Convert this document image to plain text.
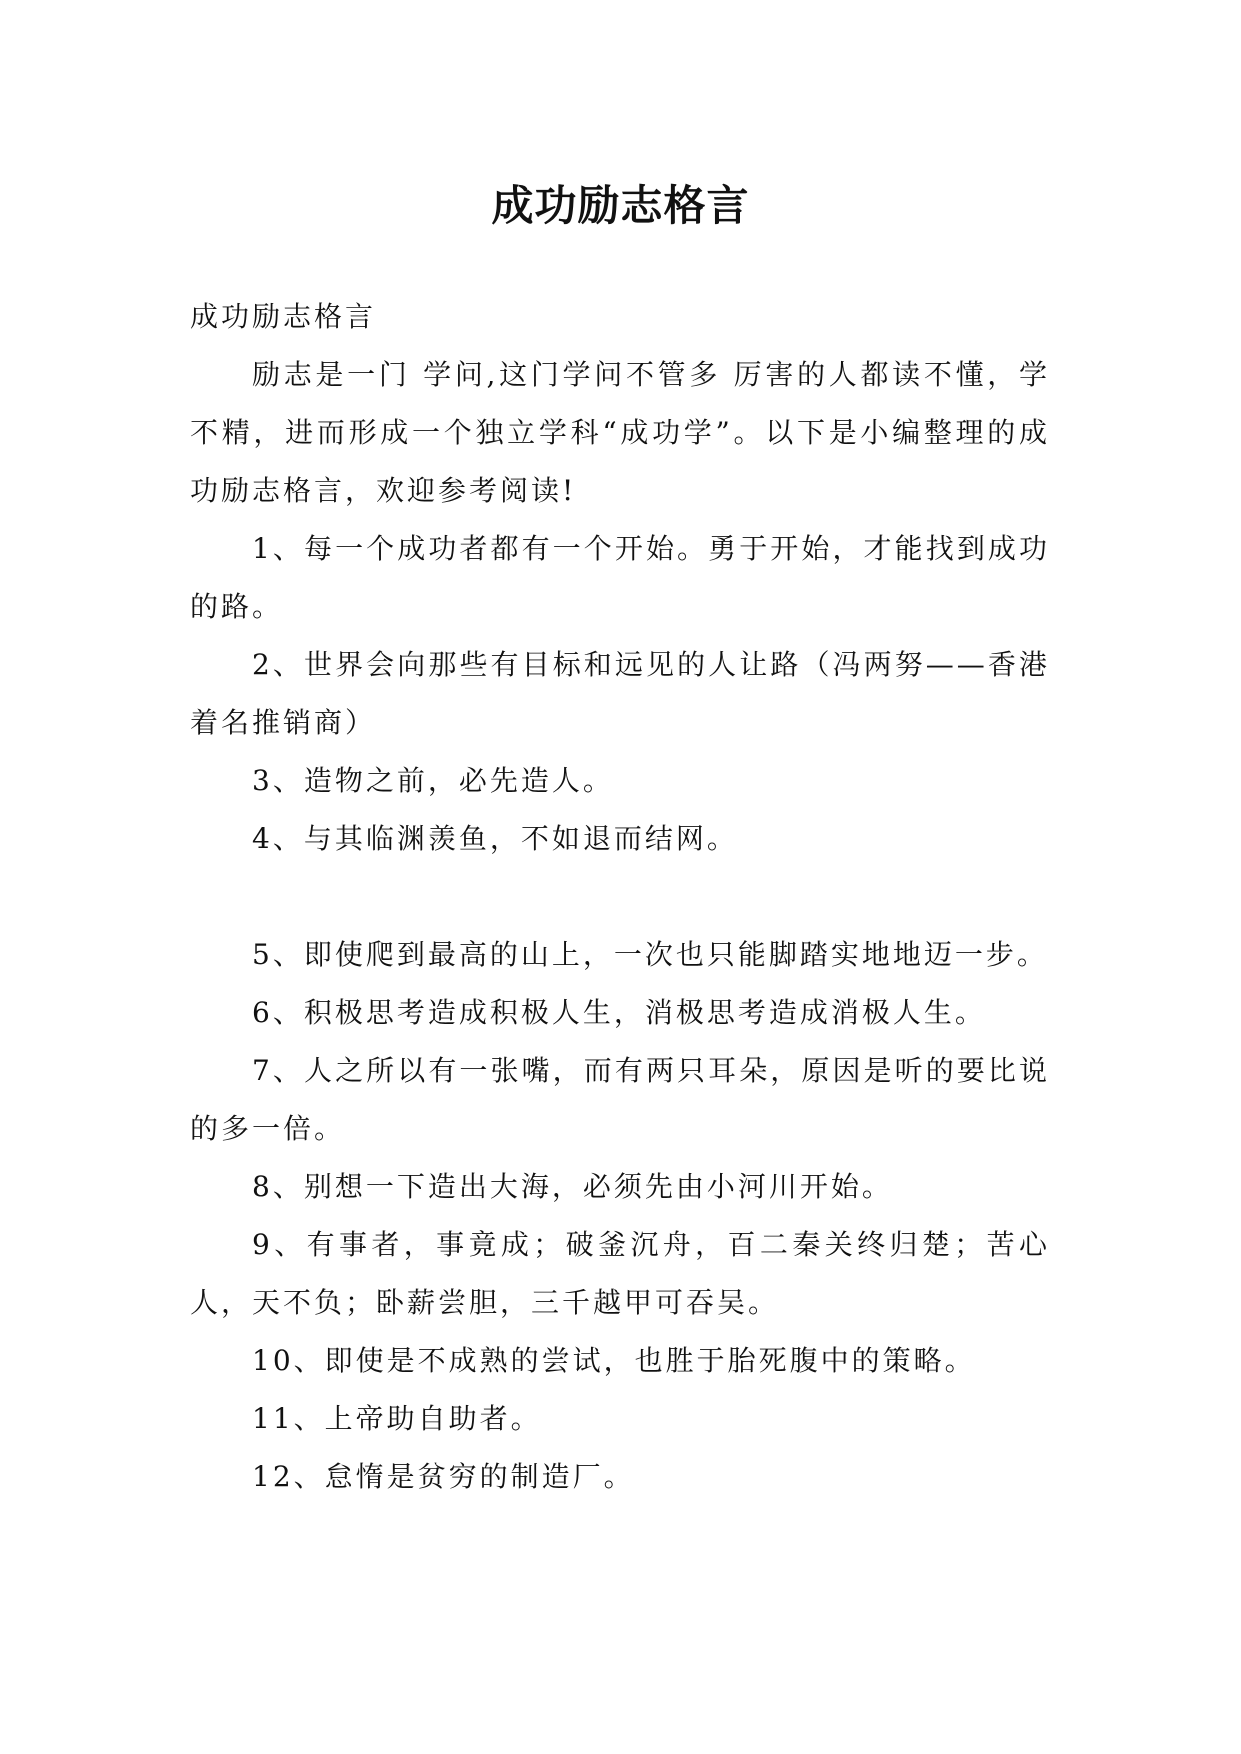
成功励志格言

成功励志格言

励志是一门 学问,这门学问不管多 厉害的人都读不懂，学不精，进而形成一个独立学科“成功学”。以下是小编整理的成功励志格言，欢迎参考阅读!

1、每一个成功者都有一个开始。勇于开始，才能找到成功的路。

2、世界会向那些有目标和远见的人让路（冯两努——香港着名推销商）

3、造物之前，必先造人。

4、与其临渊羡鱼，不如退而结网。

5、即使爬到最高的山上，一次也只能脚踏实地地迈一步。

6、积极思考造成积极人生，消极思考造成消极人生。

7、人之所以有一张嘴，而有两只耳朵，原因是听的要比说的多一倍。

8、别想一下造出大海，必须先由小河川开始。

9、有事者，事竟成；破釜沉舟，百二秦关终归楚；苦心人，天不负；卧薪尝胆，三千越甲可吞吴。

10、即使是不成熟的尝试，也胜于胎死腹中的策略。

11、上帝助自助者。

12、怠惰是贫穷的制造厂。
